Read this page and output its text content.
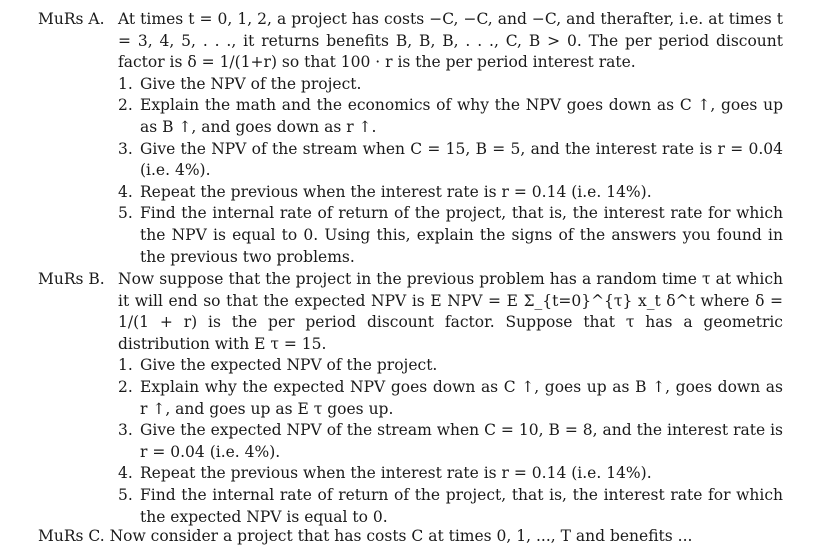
MuRs A. At times t = 0, 1, 2, a project has costs −C, −C, and −C, and therafter, i.e. at times t = 3, 4, 5, . . ., it returns benefits B, B, B, . . ., C, B > 0. The per period discount factor is δ = 1/(1+r) so that 100 · r is the per period interest rate.
1. Give the NPV of the project.
2. Explain the math and the economics of why the NPV goes down as C ↑, goes up as B ↑, and goes down as r ↑.
3. Give the NPV of the stream when C = 15, B = 5, and the interest rate is r = 0.04 (i.e. 4%).
4. Repeat the previous when the interest rate is r = 0.14 (i.e. 14%).
5. Find the internal rate of return of the project, that is, the interest rate for which the NPV is equal to 0. Using this, explain the signs of the answers you found in the previous two problems.
MuRs B. Now suppose that the project in the previous problem has a random time τ at which it will end so that the expected NPV is E NPV = E Σ_{t=0}^{τ} x_t δ^t where δ = 1/(1 + r) is the per period discount factor. Suppose that τ has a geometric distribution with E τ = 15.
1. Give the expected NPV of the project.
2. Explain why the expected NPV goes down as C ↑, goes up as B ↑, goes down as r ↑, and goes up as E τ goes up.
3. Give the expected NPV of the stream when C = 10, B = 8, and the interest rate is r = 0.04 (i.e. 4%).
4. Repeat the previous when the interest rate is r = 0.14 (i.e. 14%).
5. Find the internal rate of return of the project, that is, the interest rate for which the expected NPV is equal to 0.
MuRs C. Now consider a project that has costs C at times 0, 1, ..., T and benefits ...
